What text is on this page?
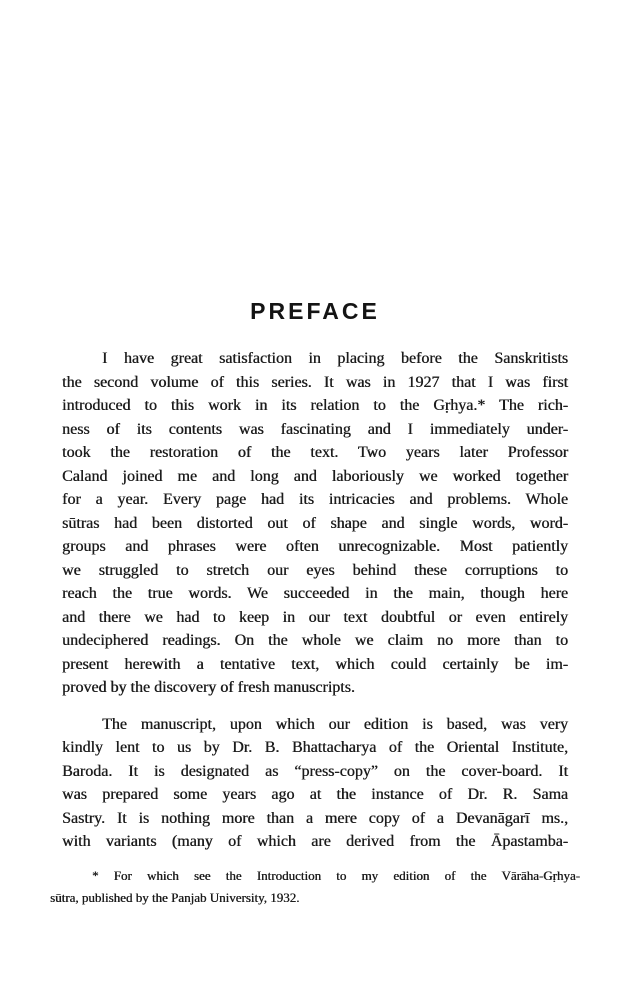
PREFACE
I have great satisfaction in placing before the Sanskritists
the second volume of this series. It was in 1927 that I was first
introduced to this work in its relation to the Gṛhya.* The rich-
ness of its contents was fascinating and I immediately under-
took the restoration of the text. Two years later Professor
Caland joined me and long and laboriously we worked together
for a year. Every page had its intricacies and problems. Whole
sūtras had been distorted out of shape and single words, word-
groups and phrases were often unrecognizable. Most patiently
we struggled to stretch our eyes behind these corruptions to
reach the true words. We succeeded in the main, though here
and there we had to keep in our text doubtful or even entirely
undeciphered readings. On the whole we claim no more than to
present herewith a tentative text, which could certainly be im-
proved by the discovery of fresh manuscripts.
The manuscript, upon which our edition is based, was very
kindly lent to us by Dr. B. Bhattacharya of the Oriental Institute,
Baroda. It is designated as “press-copy” on the cover-board. It
was prepared some years ago at the instance of Dr. R. Sama
Sastry. It is nothing more than a mere copy of a Devanāgarī ms.,
with variants (many of which are derived from the Āpastamba-
* For which see the Introduction to my edition of the Vārāha-Gṛhya-
sūtra, published by the Panjab University, 1932.
